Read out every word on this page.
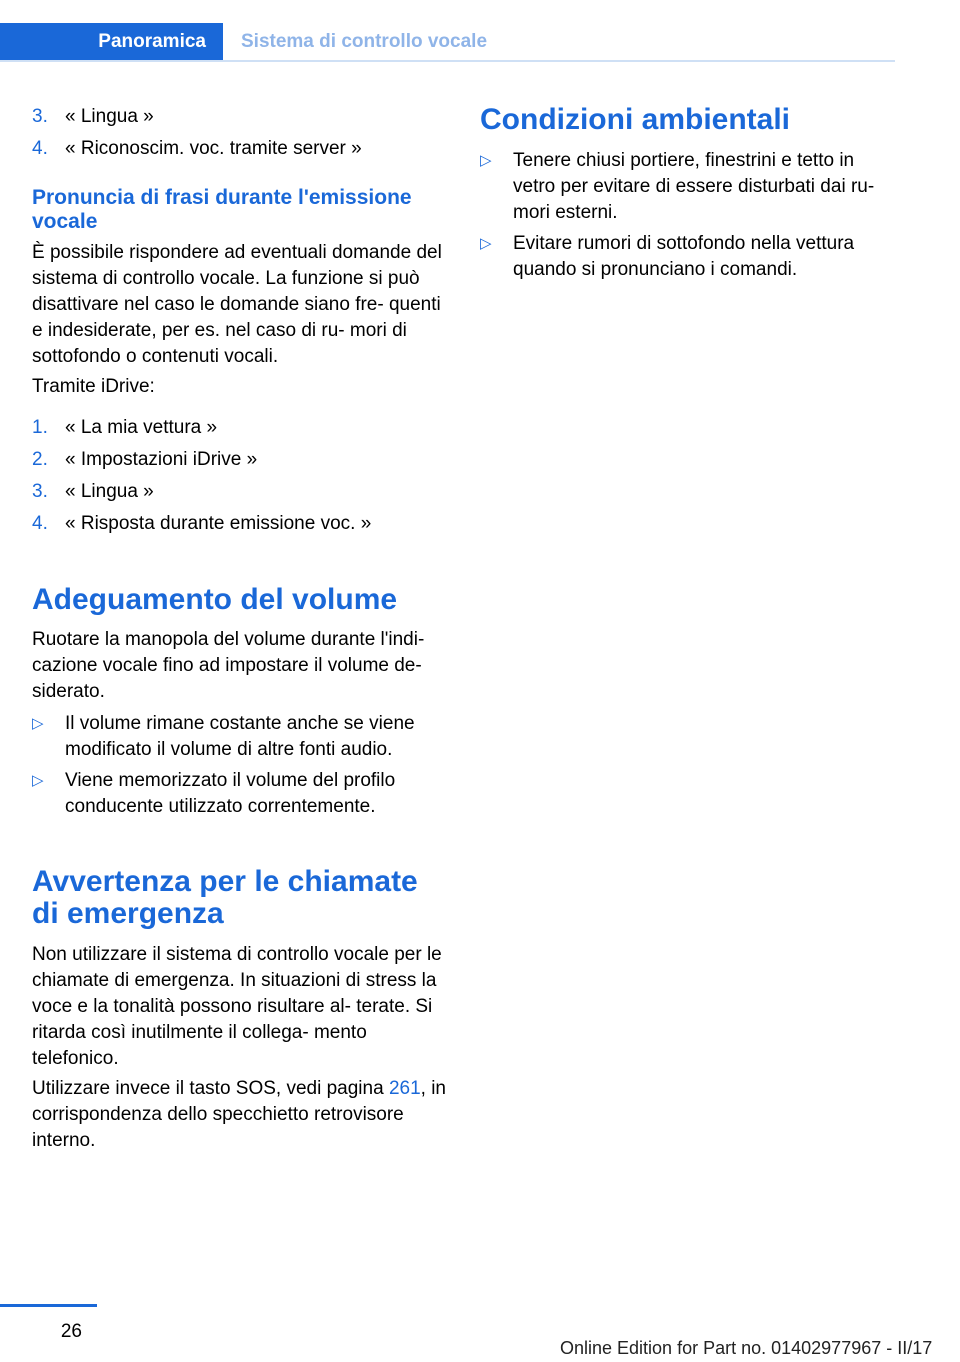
Panoramica Sistema di controllo vocale
3. « Lingua »
4. « Riconoscim. voc. tramite server »
Pronuncia di frasi durante l'emissione
vocale
È possibile rispondere ad eventuali domande del sistema di controllo vocale. La funzione si può disattivare nel caso le domande siano fre- quenti e indesiderate, per es. nel caso di ru- mori di sottofondo o contenuti vocali.
Tramite iDrive:
1. « La mia vettura »
2. « Impostazioni iDrive »
3. « Lingua »
4. « Risposta durante emissione voc. »
Adeguamento del volume
Ruotare la manopola del volume durante l'indi- cazione vocale fino ad impostare il volume de- siderato.
▷ Il volume rimane costante anche se viene modificato il volume di altre fonti audio.
▷ Viene memorizzato il volume del profilo conducente utilizzato correntemente.
Avvertenza per le chiamate
di emergenza
Non utilizzare il sistema di controllo vocale per le chiamate di emergenza. In situazioni di stress la voce e la tonalità possono risultare al- terate. Si ritarda così inutilmente il collega- mento telefonico.
Utilizzare invece il tasto SOS, vedi pagina 261, in corrispondenza dello specchietto retrovisore interno.
Condizioni ambientali
▷ Tenere chiusi portiere, finestrini e tetto in vetro per evitare di essere disturbati dai ru- mori esterni.
▷ Evitare rumori di sottofondo nella vettura quando si pronunciano i comandi.
26
Online Edition for Part no. 01402977967 - II/17
